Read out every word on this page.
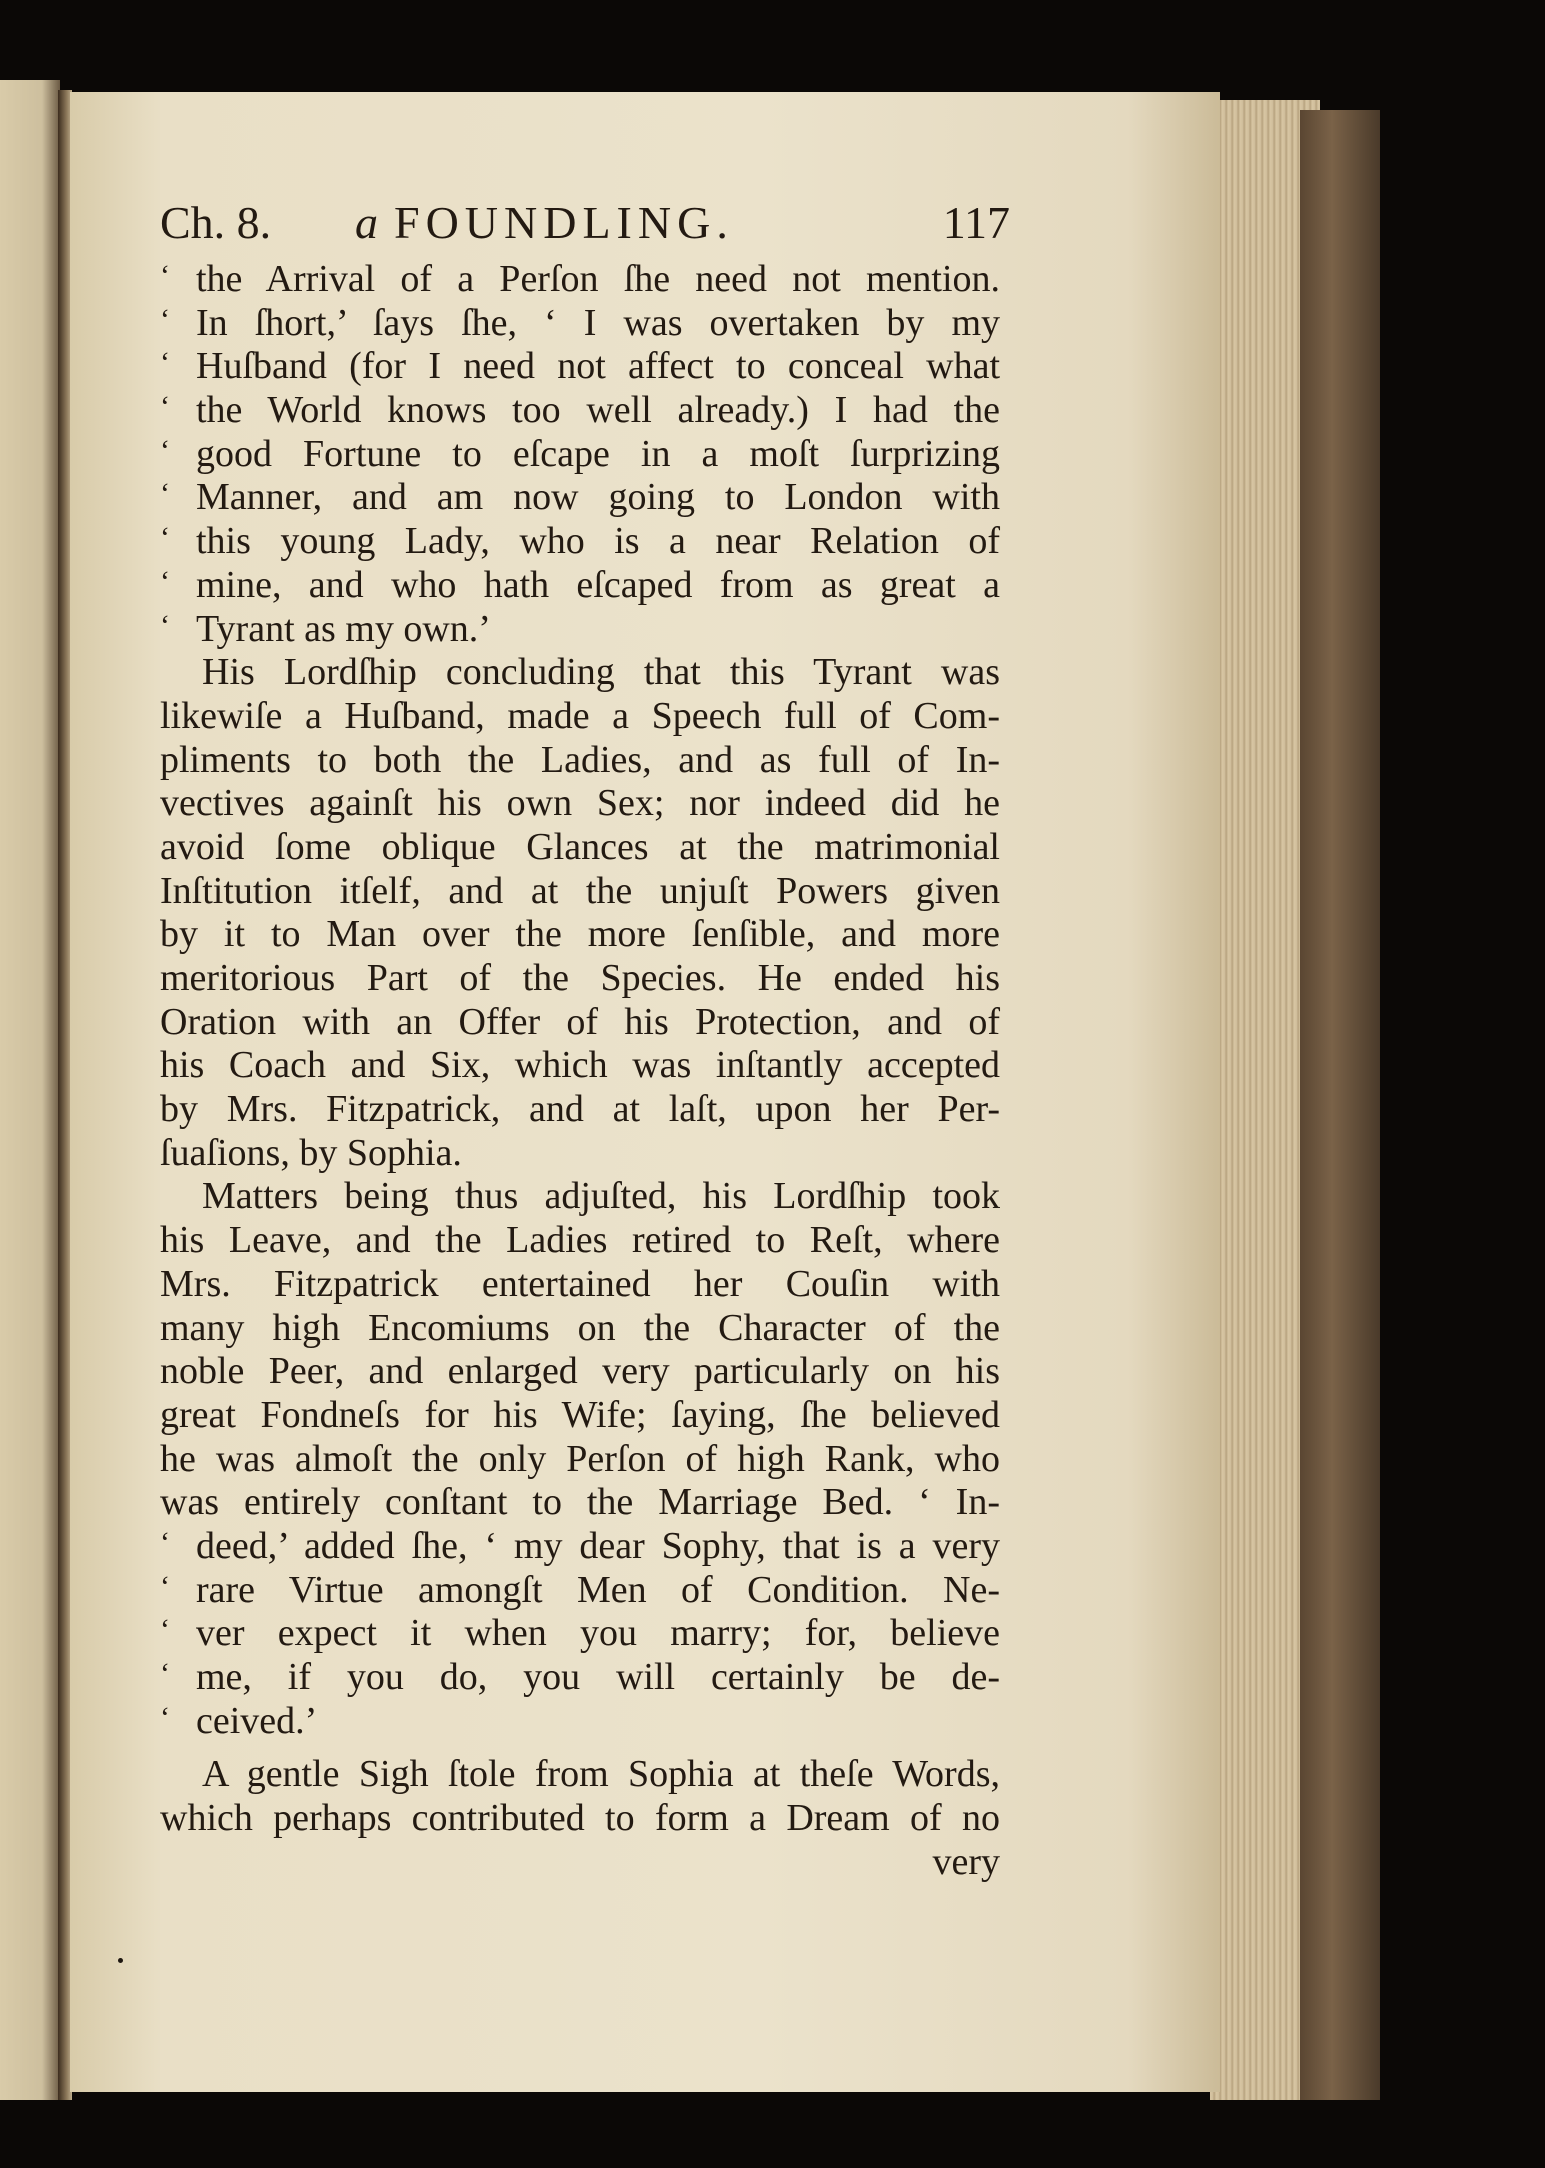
Ch. 8. a FOUNDLING.	117
‘ the Arrival of a Perſon ſhe need not mention.
‘ In ſhort,’ ſays ſhe, ‘ I was overtaken by my
‘ Huſband (for I need not affect to conceal what
‘ the World knows too well already.) I had the
‘ good Fortune to eſcape in a moſt ſurprizing
‘ Manner, and am now going to London with
‘ this young Lady, who is a near Relation of
‘ mine, and who hath eſcaped from as great a
‘ Tyrant as my own.’
His Lordſhip concluding that this Tyrant was
likewiſe a Huſband, made a Speech full of Com-
pliments to both the Ladies, and as full of In-
vectives againſt his own Sex; nor indeed did he
avoid ſome oblique Glances at the matrimonial
Inſtitution itſelf, and at the unjuſt Powers given
by it to Man over the more ſenſible, and more
meritorious Part of the Species. He ended his
Oration with an Offer of his Protection, and of
his Coach and Six, which was inſtantly accepted
by Mrs. Fitzpatrick, and at laſt, upon her Per-
ſuaſions, by Sophia.
Matters being thus adjuſted, his Lordſhip took
his Leave, and the Ladies retired to Reſt, where
Mrs. Fitzpatrick entertained her Couſin with
many high Encomiums on the Character of the
noble Peer, and enlarged very particularly on his
great Fondneſs for his Wife; ſaying, ſhe believed
he was almoſt the only Perſon of high Rank, who
was entirely conſtant to the Marriage Bed. ‘ In-
‘ deed,’ added ſhe, ‘ my dear Sophy, that is a very
‘ rare Virtue amongſt Men of Condition. Ne-
‘ ver expect it when you marry; for, believe
‘ me, if you do, you will certainly be de-
‘ ceived.’
A gentle Sigh ſtole from Sophia at theſe Words,
which perhaps contributed to form a Dream of no
very
